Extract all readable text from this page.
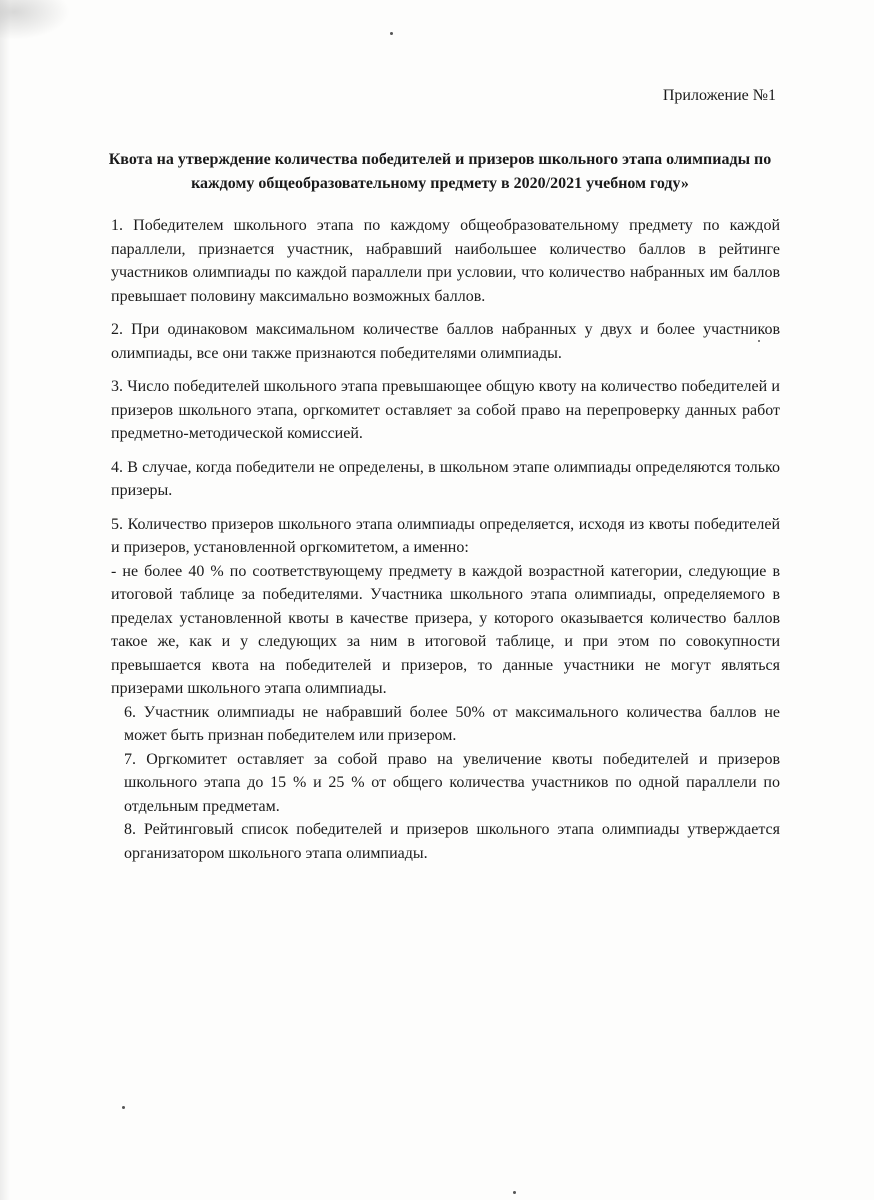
Приложение №1
Квота на утверждение количества победителей и призеров школьного этапа олимпиады по каждому общеобразовательному предмету в 2020/2021 учебном году»

1. Победителем школьного этапа по каждому общеобразовательному предмету по каждой параллели, признается участник, набравший наибольшее количество баллов в рейтинге участников олимпиады по каждой параллели при условии, что количество набранных им баллов превышает половину максимально возможных баллов.

2. При одинаковом максимальном количестве баллов набранных у двух и более участников олимпиады, все они также признаются победителями олимпиады.

3. Число победителей школьного этапа превышающее общую квоту на количество победителей и призеров школьного этапа, оргкомитет оставляет за собой право на перепроверку данных работ предметно-методической комиссией.

4. В случае, когда победители не определены, в школьном этапе олимпиады определяются только призеры.

5. Количество призеров школьного этапа олимпиады определяется, исходя из квоты победителей и призеров, установленной оргкомитетом, а именно:

- не более 40 % по соответствующему предмету в каждой возрастной категории, следующие в итоговой таблице за победителями. Участника школьного этапа олимпиады, определяемого в пределах установленной квоты в качестве призера, у которого оказывается количество баллов такое же, как и у следующих за ним в итоговой таблице, и при этом по совокупности превышается квота на победителей и призеров, то данные участники не могут являться призерами школьного этапа олимпиады.

6. Участник олимпиады не набравший более 50% от максимального количества баллов не может быть признан победителем или призером.

7. Оргкомитет оставляет за собой право на увеличение квоты победителей и призеров школьного этапа до 15 % и 25 % от общего количества участников по одной параллели по отдельным предметам.

8. Рейтинговый список победителей и призеров школьного этапа олимпиады утверждается организатором школьного этапа олимпиады.
